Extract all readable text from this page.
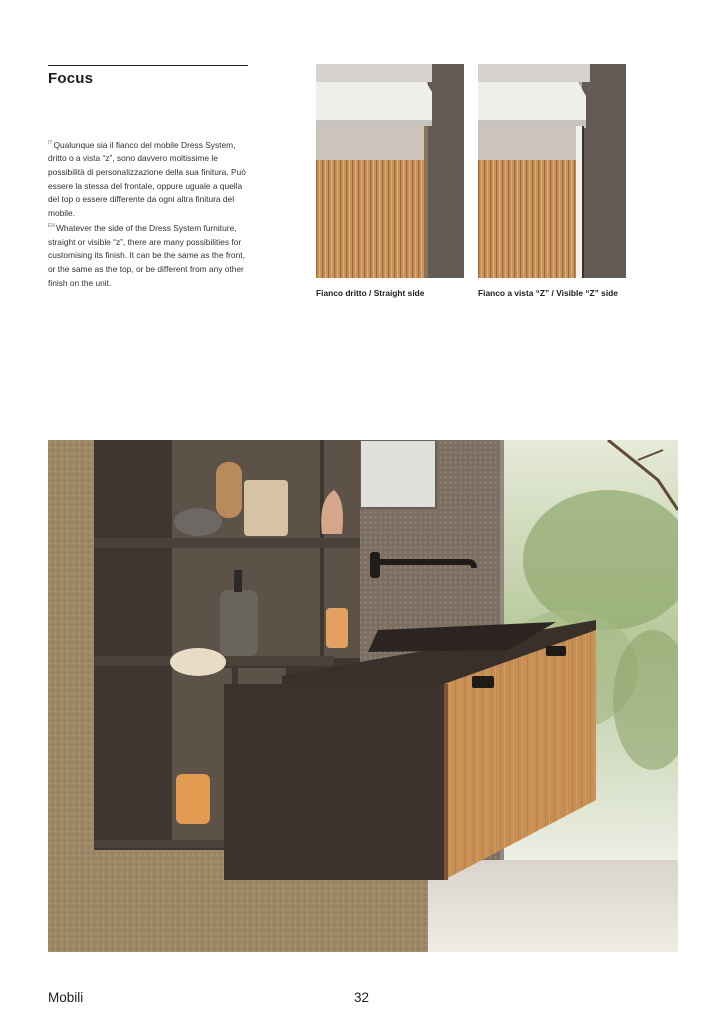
Focus

$^{IT}$Qualunque sia il fianco del mobile Dress System, dritto o a vista “z”, sono davvero moltissime le possibilità di personalizzazione della sua finitura. Può essere la stessa del frontale, oppure uguale a quella del top o essere differente da ogni altra finitura del mobile.

$^{EN}$Whatever the side of the Dress System furniture, straight or visible “z”, there are many possibilities for customising its finish. It can be the same as the front, or the same as the top, or be different from any other finish on the unit.

Fianco dritto / Straight side	Fianco a vista “Z” / Visible “Z” side
Mobili	32
